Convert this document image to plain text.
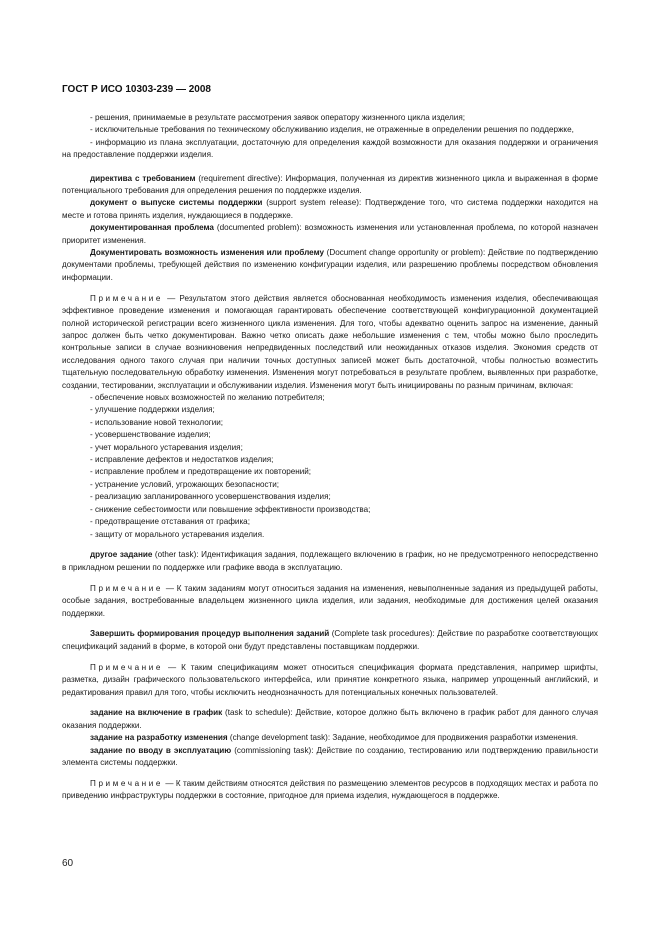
ГОСТ Р ИСО 10303-239 — 2008

- решения, принимаемые в результате рассмотрения заявок оператору жизненного цикла изделия;

- исключительные требования по техническому обслуживанию изделия, не отраженные в определении решения по поддержке,

- информацию из плана эксплуатации, достаточную для определения каждой возможности для оказания поддержки и ограничения на предоставление поддержки изделия.

директива с требованием (requirement directive): Информация, полученная из директив жизненного цикла и выраженная в форме потенциального требования для определения решения по поддержке изделия.

документ о выпуске системы поддержки (support system release): Подтверждение того, что система поддержки находится на месте и готова принять изделия, нуждающиеся в поддержке.

документированная проблема (documented problem): возможность изменения или установленная проблема, по которой назначен приоритет изменения.

Документировать возможность изменения или проблему (Document change opportunity or problem): Действие по подтверждению документами проблемы, требующей действия по изменению конфигурации изделия, или разрешению проблемы посредством обновления информации.

Примечание — Результатом этого действия является обоснованная необходимость изменения изделия, обеспечивающая эффективное проведение изменения и помогающая гарантировать обеспечение соответствующей конфигурационной документацией полной исторической регистрации всего жизненного цикла изменения. Для того, чтобы адекватно оценить запрос на изменение, данный запрос должен быть четко документирован. Важно четко описать даже небольшие изменения с тем, чтобы можно было проследить контрольные записи в случае возникновения непредвиденных последствий или неожиданных отказов изделия. Экономия средств от исследования одного такого случая при наличии точных доступных записей может быть достаточной, чтобы полностью возместить тщательную последовательную обработку изменения. Изменения могут потребоваться в результате проблем, выявленных при разработке, создании, тестировании, эксплуатации и обслуживании изделия. Изменения могут быть инициированы по разным причинам, включая:

- обеспечение новых возможностей по желанию потребителя;
- улучшение поддержки изделия;
- использование новой технологии;
- усовершенствование изделия;
- учет морального устаревания изделия;
- исправление дефектов и недостатков изделия;
- исправление проблем и предотвращение их повторений;
- устранение условий, угрожающих безопасности;
- реализацию запланированного усовершенствования изделия;
- снижение себестоимости или повышение эффективности производства;
- предотвращение отставания от графика;
- защиту от морального устаревания изделия.

другое задание (other task): Идентификация задания, подлежащего включению в график, но не предусмотренного непосредственно в прикладном решении по поддержке или графике ввода в эксплуатацию.

Примечание — К таким заданиям могут относиться задания на изменения, невыполненные задания из предыдущей работы, особые задания, востребованные владельцем жизненного цикла изделия, или задания, необходимые для достижения целей оказания поддержки.

Завершить формирования процедур выполнения заданий (Complete task procedures): Действие по разработке соответствующих спецификаций заданий в форме, в которой они будут представлены поставщикам поддержки.

Примечание — К таким спецификациям может относиться спецификация формата представления, например шрифты, разметка, дизайн графического пользовательского интерфейса, или принятие конкретного языка, например упрощенный английский, и редактирования правил для того, чтобы исключить неоднозначность для потенциальных конечных пользователей.

задание на включение в график (task to schedule): Действие, которое должно быть включено в график работ для данного случая оказания поддержки.

задание на разработку изменения (change development task): Задание, необходимое для продвижения разработки изменения.

задание по вводу в эксплуатацию (commissioning task): Действие по созданию, тестированию или подтверждению правильности элемента системы поддержки.

Примечание — К таким действиям относятся действия по размещению элементов ресурсов в подходящих местах и работа по приведению инфраструктуры поддержки в состояние, пригодное для приема изделия, нуждающегося в поддержке.

60
